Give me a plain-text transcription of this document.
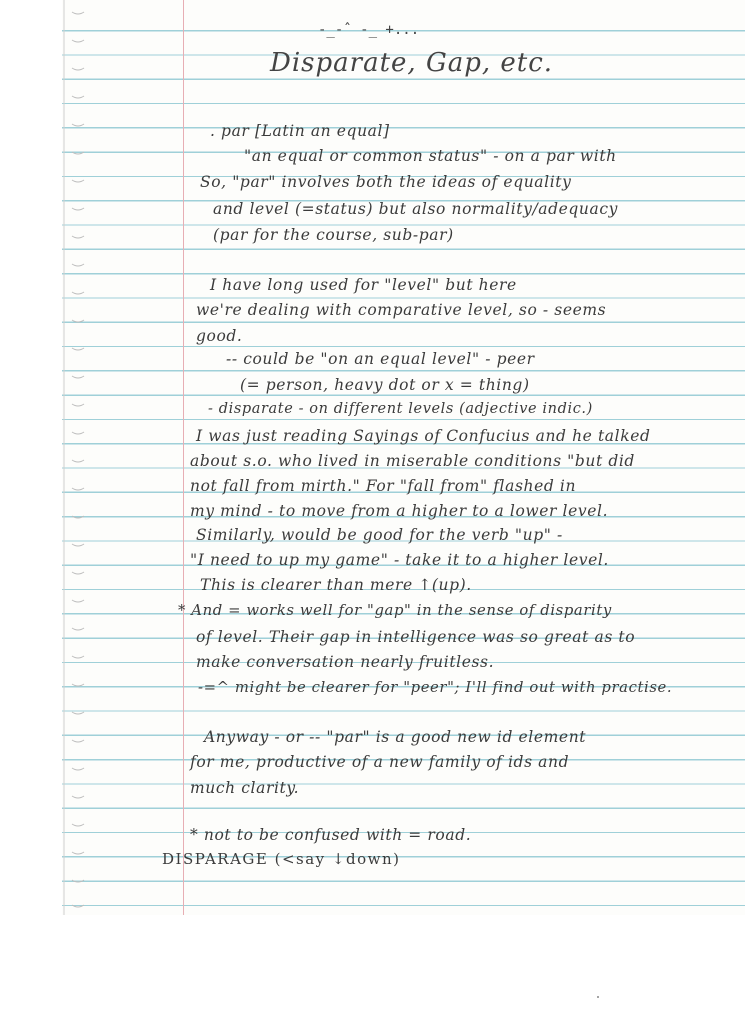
-̲-ˆ -̲ +...
Disparate, Gap, etc.
. par [Latin an equal]
"an equal or common status" - on a par with
So, "par" involves both the ideas of equality
and level (=status) but also normality/adequacy
(par for the course, sub-par)
I have long used for "level" but here
we're dealing with comparative level, so - seems
good.
-- could be "on an equal level" - peer
(= person, heavy dot or x = thing)
- disparate - on different levels (adjective indic.)
I was just reading Sayings of Confucius and he talked
about s.o. who lived in miserable conditions "but did
not fall from mirth." For "fall from" flashed in
my mind - to move from a higher to a lower level.
Similarly, would be good for the verb "up" -
"I need to up my game" - take it to a higher level.
This is clearer than mere ↑(up).
* And = works well for "gap" in the sense of disparity
of level. Their gap in intelligence was so great as to
make conversation nearly fruitless.
-=^ might be clearer for "peer"; I'll find out with practise.
Anyway - or -- "par" is a good new id element
for me, productive of a new family of ids and
much clarity.
* not to be confused with = road.
DISPARAGE (<say ↓down)
